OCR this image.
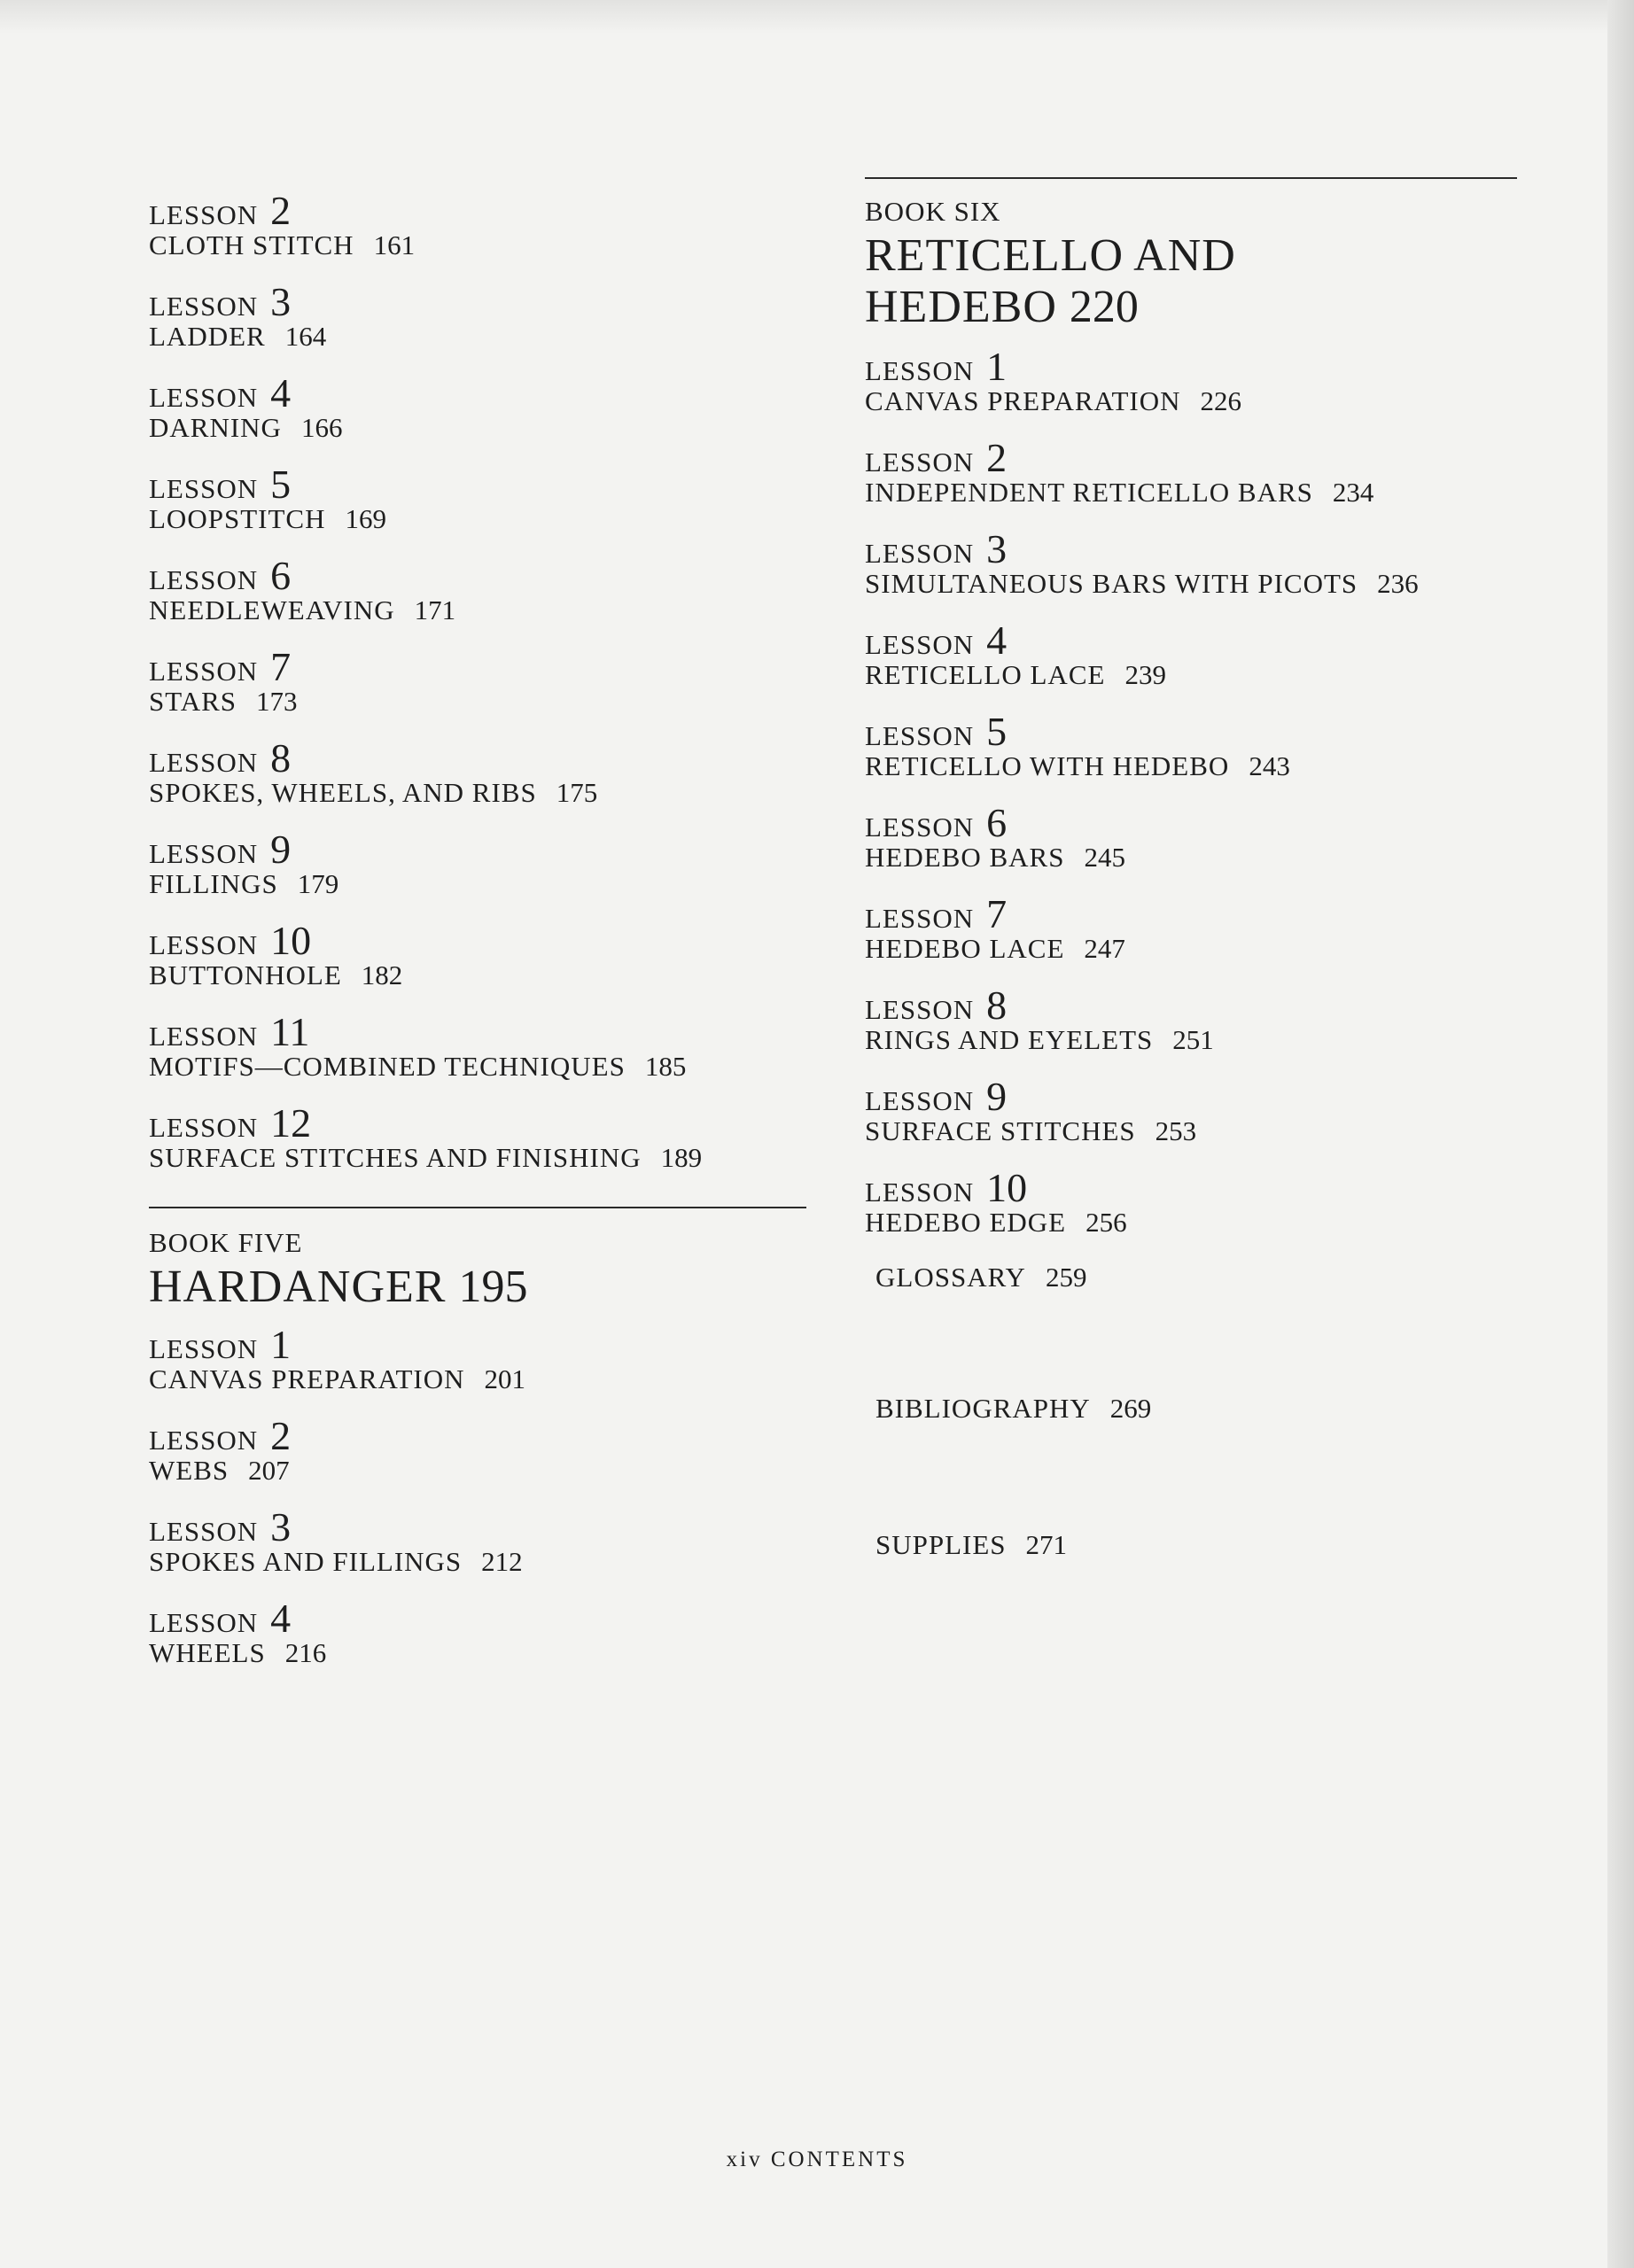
LESSON 2
CLOTH STITCH 161
LESSON 3
LADDER 164
LESSON 4
DARNING 166
LESSON 5
LOOPSTITCH 169
LESSON 6
NEEDLEWEAVING 171
LESSON 7
STARS 173
LESSON 8
SPOKES, WHEELS, AND RIBS 175
LESSON 9
FILLINGS 179
LESSON 10
BUTTONHOLE 182
LESSON 11
MOTIFS—COMBINED TECHNIQUES 185
LESSON 12
SURFACE STITCHES AND FINISHING 189
BOOK FIVE
HARDANGER 195
LESSON 1
CANVAS PREPARATION 201
LESSON 2
WEBS 207
LESSON 3
SPOKES AND FILLINGS 212
LESSON 4
WHEELS 216
BOOK SIX
RETICELLO AND
HEDEBO 220
LESSON 1
CANVAS PREPARATION 226
LESSON 2
INDEPENDENT RETICELLO BARS 234
LESSON 3
SIMULTANEOUS BARS WITH PICOTS 236
LESSON 4
RETICELLO LACE 239
LESSON 5
RETICELLO WITH HEDEBO 243
LESSON 6
HEDEBO BARS 245
LESSON 7
HEDEBO LACE 247
LESSON 8
RINGS AND EYELETS 251
LESSON 9
SURFACE STITCHES 253
LESSON 10
HEDEBO EDGE 256
GLOSSARY 259
BIBLIOGRAPHY 269
SUPPLIES 271
xiv CONTENTS
